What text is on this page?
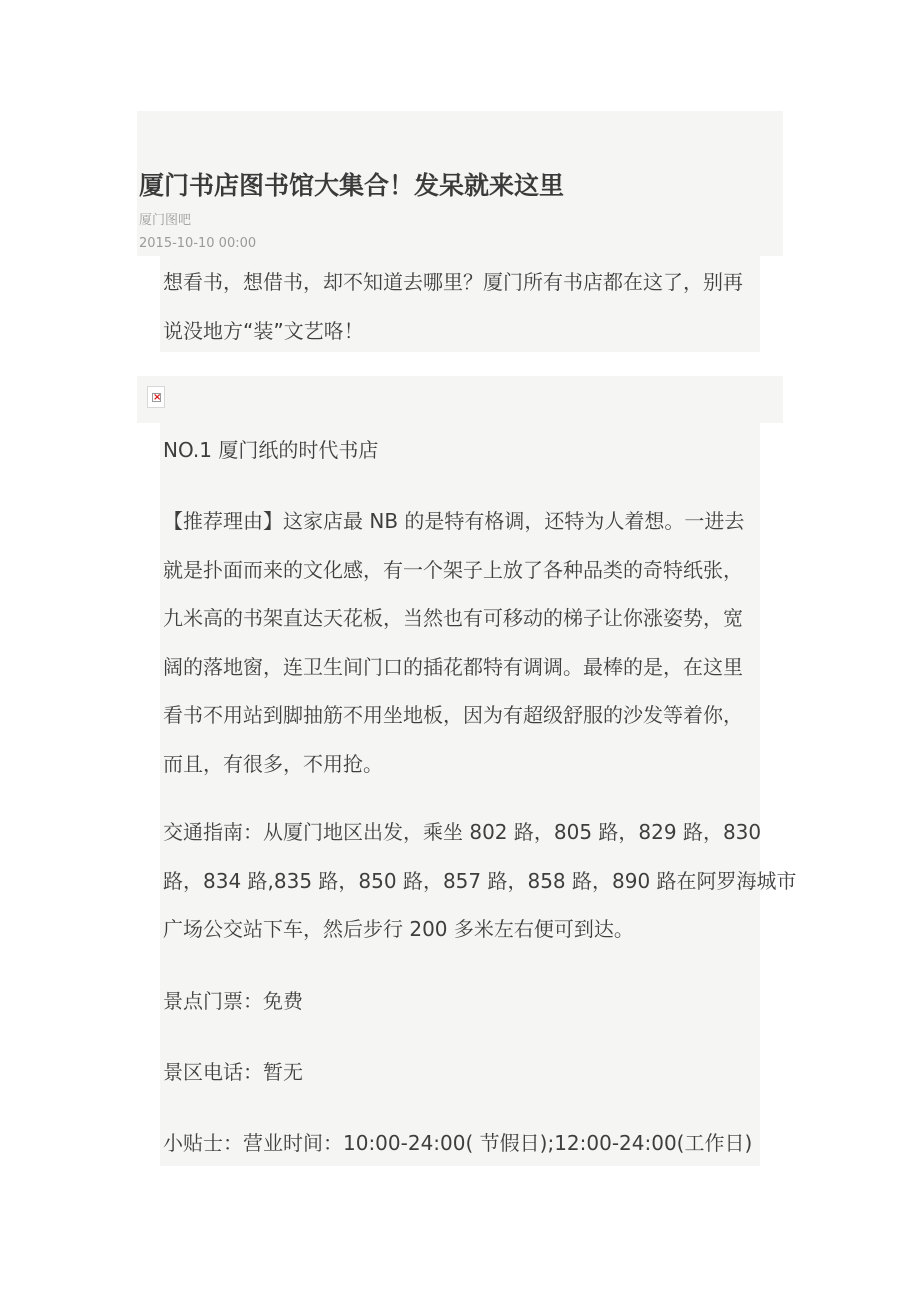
厦门书店图书馆大集合！发呆就来这里
厦门图吧
2015-10-10 00:00

想看书，想借书，却不知道去哪里？厦门所有书店都在这了，别再
说没地方“装”文艺咯！

×

NO.1 厦门纸的时代书店

【推荐理由】这家店最 NB 的是特有格调，还特为人着想。一进去
就是扑面而来的文化感，有一个架子上放了各种品类的奇特纸张，
九米高的书架直达天花板，当然也有可移动的梯子让你涨姿势，宽
阔的落地窗，连卫生间门口的插花都特有调调。最棒的是，在这里
看书不用站到脚抽筋不用坐地板，因为有超级舒服的沙发等着你，
而且，有很多，不用抢。

交通指南：从厦门地区出发，乘坐 802 路，805 路，829 路，830
路，834 路,835 路，850 路，857 路，858 路，890 路在阿罗海城市
广场公交站下车，然后步行 200 多米左右便可到达。

景点门票：免费

景区电话：暂无

小贴士：营业时间：10:00-24:00( 节假日);12:00-24:00(工作日)
